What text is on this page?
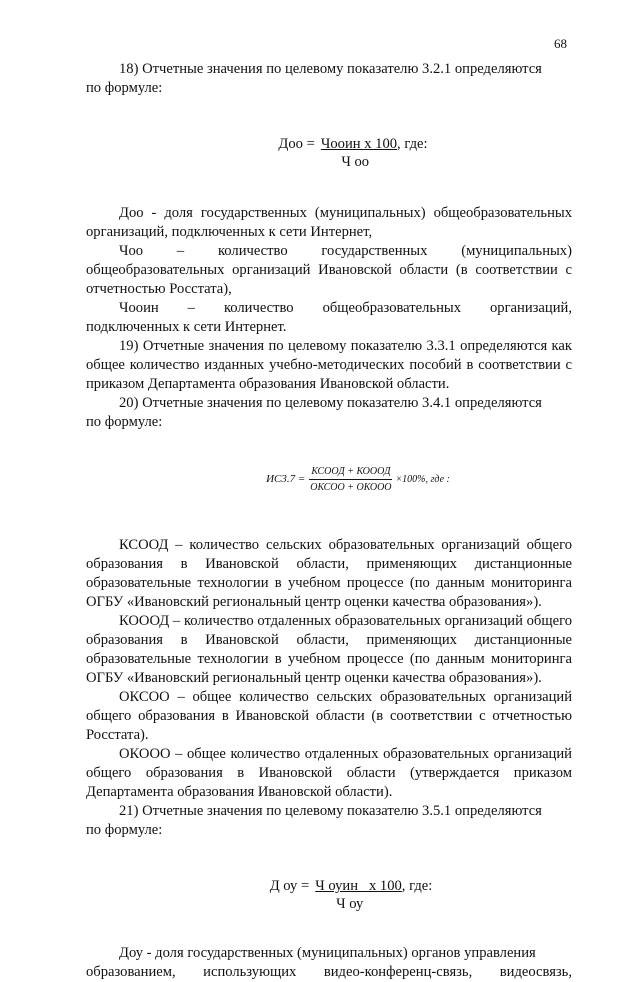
68

18) Отчетные значения по целевому показателю 3.2.1 определяются

по формуле:

Доо = Чооин х 100, где:
Ч оо

Доо - доля государственных (муниципальных) общеобразовательных организаций, подключенных к сети Интернет,

Чоо – количество государственных (муниципальных)

общеобразовательных организаций Ивановской области (в соответствии с отчетностью Росстата),

Чооин – количество общеобразовательных организаций,

подключенных к сети Интернет.

19) Отчетные значения по целевому показателю 3.3.1 определяются как общее количество изданных учебно-методических пособий в соответствии с приказом Департамента образования Ивановской области.

20) Отчетные значения по целевому показателю 3.4.1 определяются

по формуле:

$ИС3.7 = \frac{\text{КСООД + КОООД}}{\text{ОКСОО + ОКООО}} \times 100\%$, где :

КСООД – количество сельских образовательных организаций общего образования в Ивановской области, применяющих дистанционные образовательные технологии в учебном процессе (по данным мониторинга ОГБУ «Ивановский региональный центр оценки качества образования»).

КОООД – количество отдаленных образовательных организаций общего образования в Ивановской области, применяющих дистанционные образовательные технологии в учебном процессе (по данным мониторинга ОГБУ «Ивановский региональный центр оценки качества образования»).

ОКСОО – общее количество сельских образовательных организаций общего образования в Ивановской области (в соответствии с отчетностью Росстата).

ОКООО – общее количество отдаленных образовательных организаций общего образования в Ивановской области (утверждается приказом Департамента образования Ивановской области).

21) Отчетные значения по целевому показателю 3.5.1 определяются

по формуле:

Д оу = Ч оуин   х 100, где:
Ч оу

Доу - доля государственных (муниципальных) органов управления

образованием, использующих видео-конференц-связь, видеосвязь,
